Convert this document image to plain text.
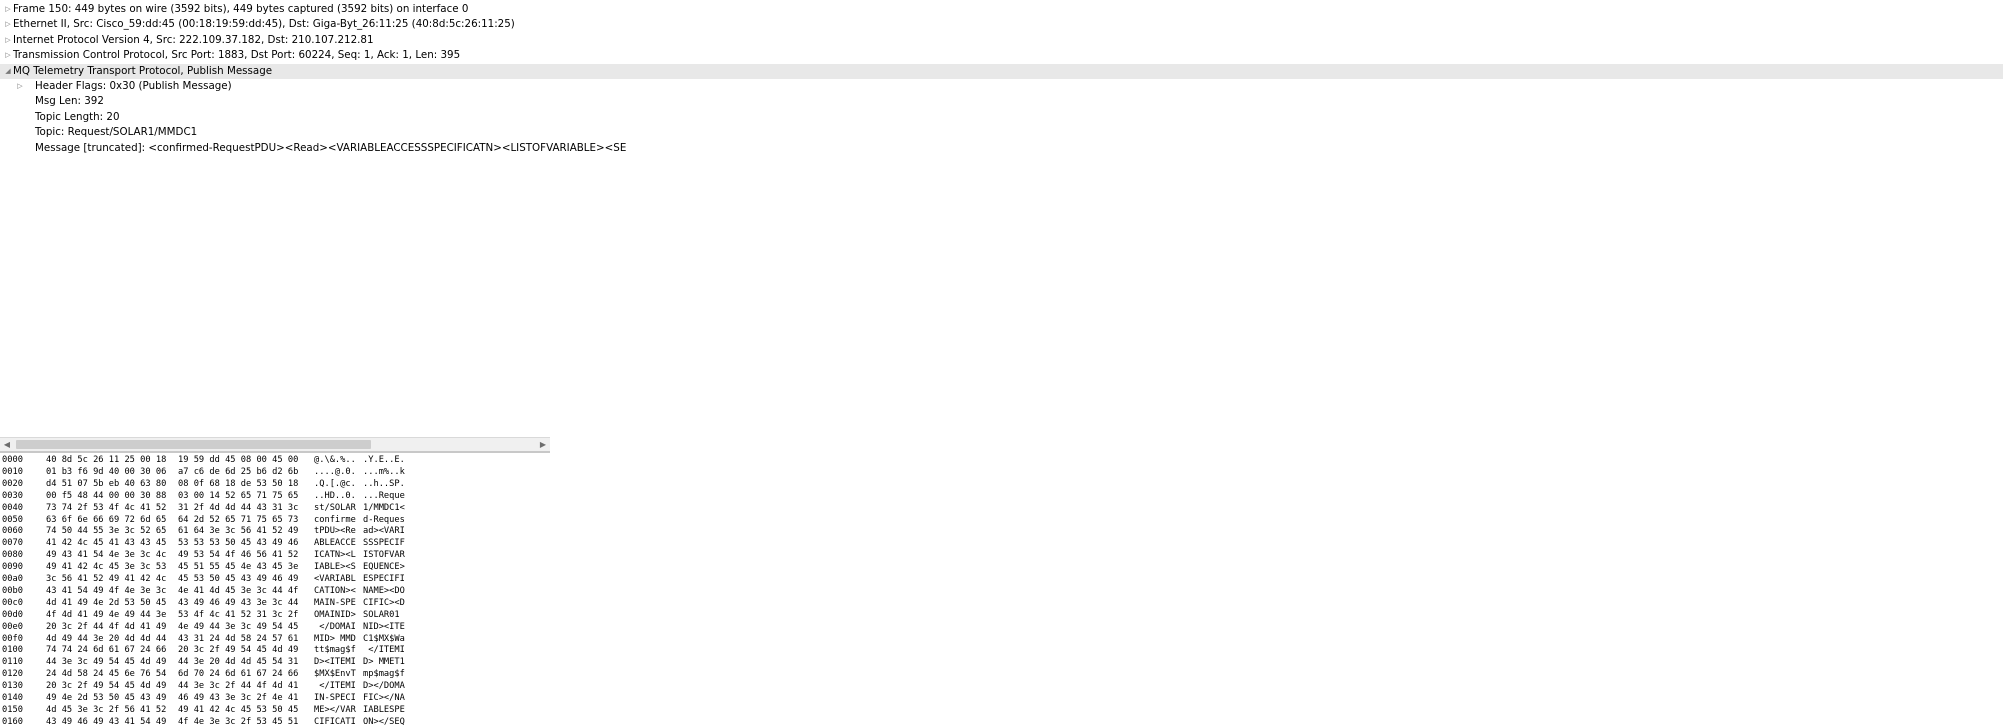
▷ Frame 150: 449 bytes on wire (3592 bits), 449 bytes captured (3592 bits) on interface 0
▷ Ethernet II, Src: Cisco_59:dd:45 (00:18:19:59:dd:45), Dst: Giga-Byt_26:11:25 (40:8d:5c:26:11:25)
▷ Internet Protocol Version 4, Src: 222.109.37.182, Dst: 210.107.212.81
▷ Transmission Control Protocol, Src Port: 1883, Dst Port: 60224, Seq: 1, Ack: 1, Len: 395
◢ MQ Telemetry Transport Protocol, Publish Message
▷ Header Flags: 0x30 (Publish Message)
Msg Len: 392
Topic Length: 20
Topic: Request/SOLAR1/MMDC1
Message [truncated]: <confirmed-RequestPDU><Read><VARIABLEACCESSSPECIFICATN><LISTOFVARIABLE><SE
◀	▶
0000	40 8d 5c 26 11 25 00 18 19 59 dd 45 08 00 45 00 @.\&.%.. .Y.E..E.
0010	01 b3 f6 9d 40 00 30 06 a7 c6 de 6d 25 b6 d2 6b ....@.0. ...m%..k
0020	d4 51 07 5b eb 40 63 80 08 0f 68 18 de 53 50 18 .Q.[.@c. ..h..SP.
0030	00 f5 48 44 00 00 30 88 03 00 14 52 65 71 75 65 ..HD..0. ...Reque
0040	73 74 2f 53 4f 4c 41 52 31 2f 4d 4d 44 43 31 3c st/SOLAR 1/MMDC1<
0050	63 6f 6e 66 69 72 6d 65 64 2d 52 65 71 75 65 73 confirme d-Reques
0060	74 50 44 55 3e 3c 52 65 61 64 3e 3c 56 41 52 49 tPDU><Re ad><VARI
0070	41 42 4c 45 41 43 43 45 53 53 53 50 45 43 49 46 ABLEACCE SSSPECIF
0080	49 43 41 54 4e 3e 3c 4c 49 53 54 4f 46 56 41 52 ICATN><L ISTOFVAR
0090	49 41 42 4c 45 3e 3c 53 45 51 55 45 4e 43 45 3e IABLE><S EQUENCE>
00a0	3c 56 41 52 49 41 42 4c 45 53 50 45 43 49 46 49 <VARIABL ESPECIFI
00b0	43 41 54 49 4f 4e 3e 3c 4e 41 4d 45 3e 3c 44 4f CATION>< NAME><DO
00c0	4d 41 49 4e 2d 53 50 45 43 49 46 49 43 3e 3c 44 MAIN-SPE CIFIC><D
00d0	4f 4d 41 49 4e 49 44 3e 53 4f 4c 41 52 31 3c 2f OMAINID> SOLAR01
00e0	20 3c 2f 44 4f 4d 41 49 4e 49 44 3e 3c 49 54 45 </DOMAI NID><ITE
00f0	4d 49 44 3e 20 4d 4d 44 43 31 24 4d 58 24 57 61 MID> MMD C1$MX$Wa
0100	74 74 24 6d 61 67 24 66 20 3c 2f 49 54 45 4d 49 tt$mag$f </ITEMI
0110	44 3e 3c 49 54 45 4d 49 44 3e 20 4d 4d 45 54 31 D><ITEMI D> MMET1
0120	24 4d 58 24 45 6e 76 54 6d 70 24 6d 61 67 24 66 $MX$EnvT mp$mag$f
0130	20 3c 2f 49 54 45 4d 49 44 3e 3c 2f 44 4f 4d 41 </ITEMI D></DOMA
0140	49 4e 2d 53 50 45 43 49 46 49 43 3e 3c 2f 4e 41 IN-SPECI FIC></NA
0150	4d 45 3e 3c 2f 56 41 52 49 41 42 4c 45 53 50 45 ME></VAR IABLESPE
0160	43 49 46 49 43 41 54 49 4f 4e 3e 3c 2f 53 45 51 CIFICATI ON></SEQ
